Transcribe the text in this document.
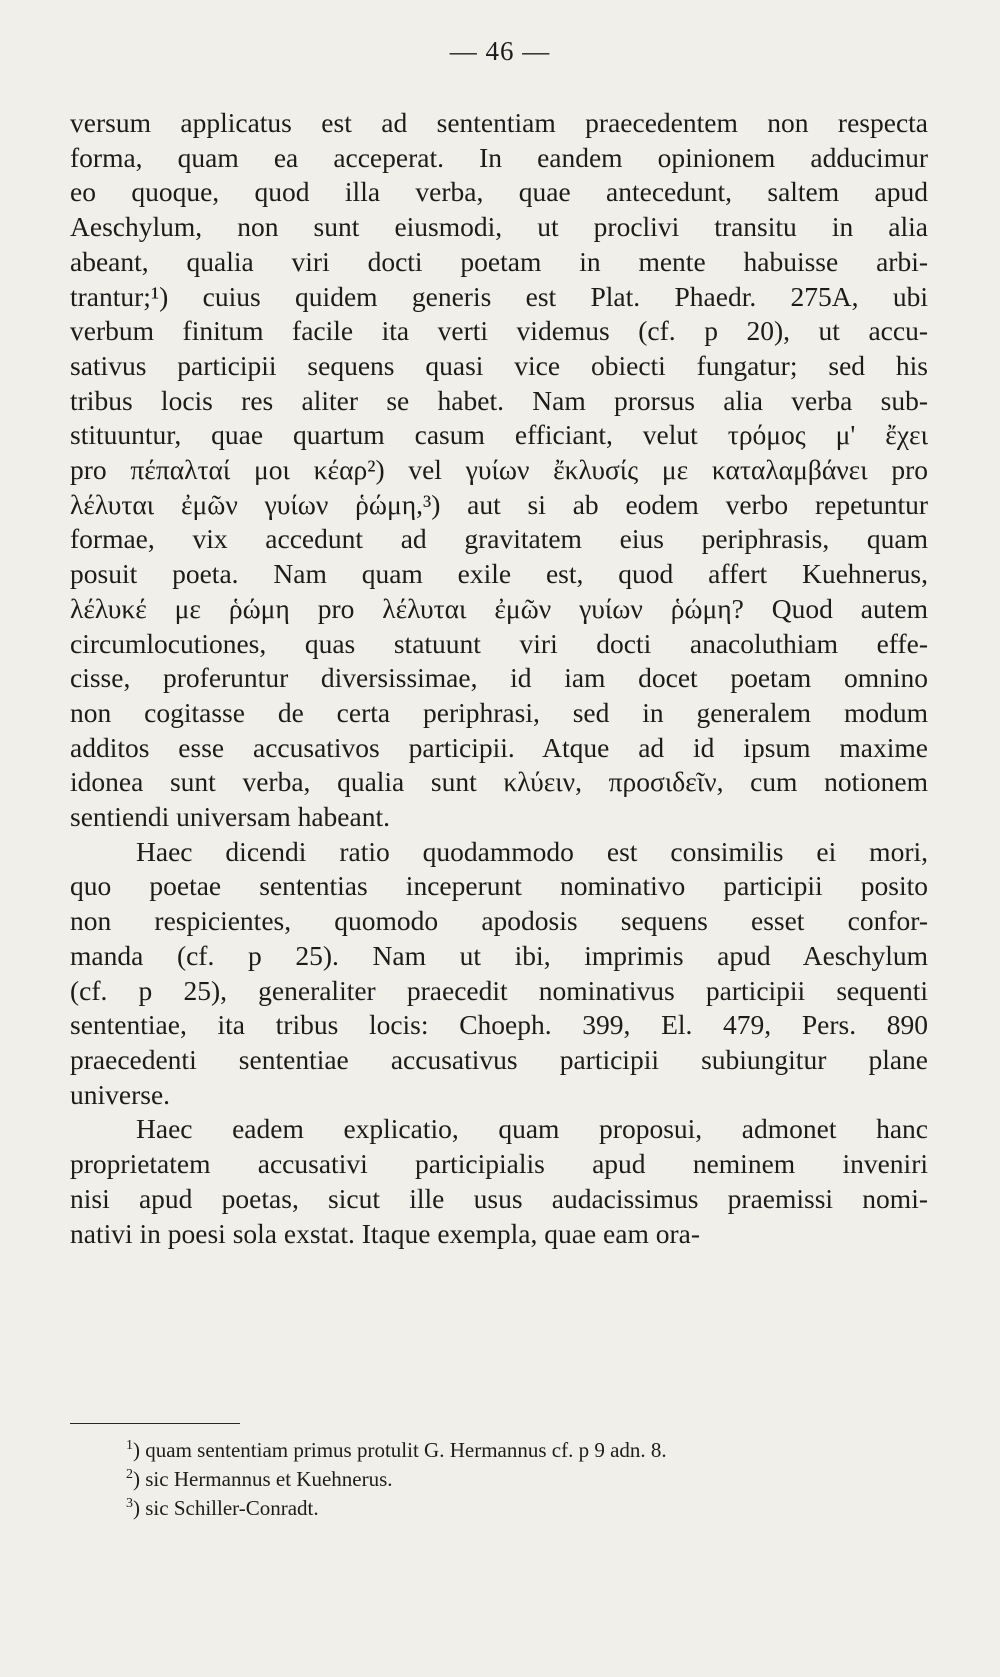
— 46 —
versum applicatus est ad sententiam praecedentem non respecta
forma, quam ea acceperat. In eandem opinionem adducimur
eo quoque, quod illa verba, quae antecedunt, saltem apud
Aeschylum, non sunt eiusmodi, ut proclivi transitu in alia
abeant, qualia viri docti poetam in mente habuisse arbi-
trantur;¹) cuius quidem generis est Plat. Phaedr. 275A, ubi
verbum finitum facile ita verti videmus (cf. p 20), ut accu-
sativus participii sequens quasi vice obiecti fungatur; sed his
tribus locis res aliter se habet. Nam prorsus alia verba sub-
stituuntur, quae quartum casum efficiant, velut τρόμος μ' ἔχει
pro πέπαλταί μοι κέαρ²) vel γυίων ἔκλυσίς με καταλαμβάνει pro
λέλυται ἐμῶν γυίων ῥώμη,³) aut si ab eodem verbo repetuntur
formae, vix accedunt ad gravitatem eius periphrasis, quam
posuit poeta. Nam quam exile est, quod affert Kuehnerus,
λέλυκέ με ῥώμη pro λέλυται ἐμῶν γυίων ῥώμη? Quod autem
circumlocutiones, quas statuunt viri docti anacoluthiam effe-
cisse, proferuntur diversissimae, id iam docet poetam omnino
non cogitasse de certa periphrasi, sed in generalem modum
additos esse accusativos participii. Atque ad id ipsum maxime
idonea sunt verba, qualia sunt κλύειν, προσιδεῖν, cum notionem
sentiendi universam habeant.
Haec dicendi ratio quodammodo est consimilis ei mori,
quo poetae sententias inceperunt nominativo participii posito
non respicientes, quomodo apodosis sequens esset confor-
manda (cf. p 25). Nam ut ibi, imprimis apud Aeschylum
(cf. p 25), generaliter praecedit nominativus participii sequenti
sententiae, ita tribus locis: Choeph. 399, El. 479, Pers. 890
praecedenti sententiae accusativus participii subiungitur plane
universe.
Haec eadem explicatio, quam proposui, admonet hanc
proprietatem accusativi participialis apud neminem inveniri
nisi apud poetas, sicut ille usus audacissimus praemissi nomi-
nativi in poesi sola exstat. Itaque exempla, quae eam ora-
$^1$) quam sententiam primus protulit G. Hermannus cf. p 9 adn. 8.
$^2$) sic Hermannus et Kuehnerus.
$^3$) sic Schiller-Conradt.
